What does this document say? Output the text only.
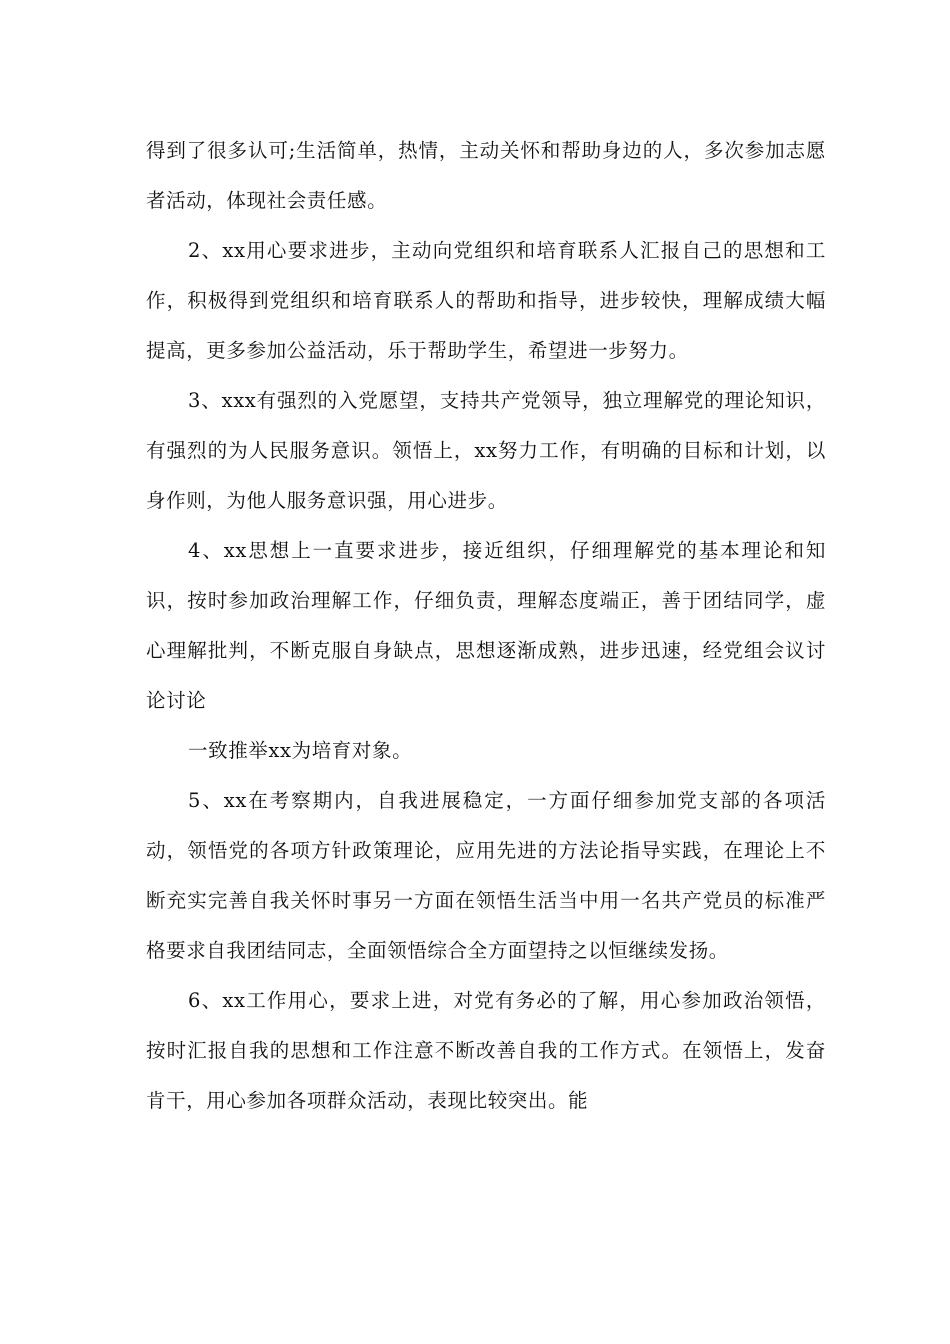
得到了很多认可;生活简单，热情，主动关怀和帮助身边的人，多次参加志愿者活动，体现社会责任感。

2、xx用心要求进步，主动向党组织和培育联系人汇报自己的思想和工作，积极得到党组织和培育联系人的帮助和指导，进步较快，理解成绩大幅提高，更多参加公益活动，乐于帮助学生，希望进一步努力。

3、xxx有强烈的入党愿望，支持共产党领导，独立理解党的理论知识，有强烈的为人民服务意识。领悟上，xx努力工作，有明确的目标和计划，以身作则，为他人服务意识强，用心进步。

4、xx思想上一直要求进步，接近组织，仔细理解党的基本理论和知识，按时参加政治理解工作，仔细负责，理解态度端正，善于团结同学，虚心理解批判，不断克服自身缺点，思想逐渐成熟，进步迅速，经党组会议讨论讨论

一致推举xx为培育对象。

5、xx在考察期内，自我进展稳定，一方面仔细参加党支部的各项活动，领悟党的各项方针政策理论，应用先进的方法论指导实践，在理论上不断充实完善自我关怀时事另一方面在领悟生活当中用一名共产党员的标准严格要求自我团结同志，全面领悟综合全方面望持之以恒继续发扬。

6、xx工作用心，要求上进，对党有务必的了解，用心参加政治领悟，按时汇报自我的思想和工作注意不断改善自我的工作方式。在领悟上，发奋肯干，用心参加各项群众活动，表现比较突出。能
